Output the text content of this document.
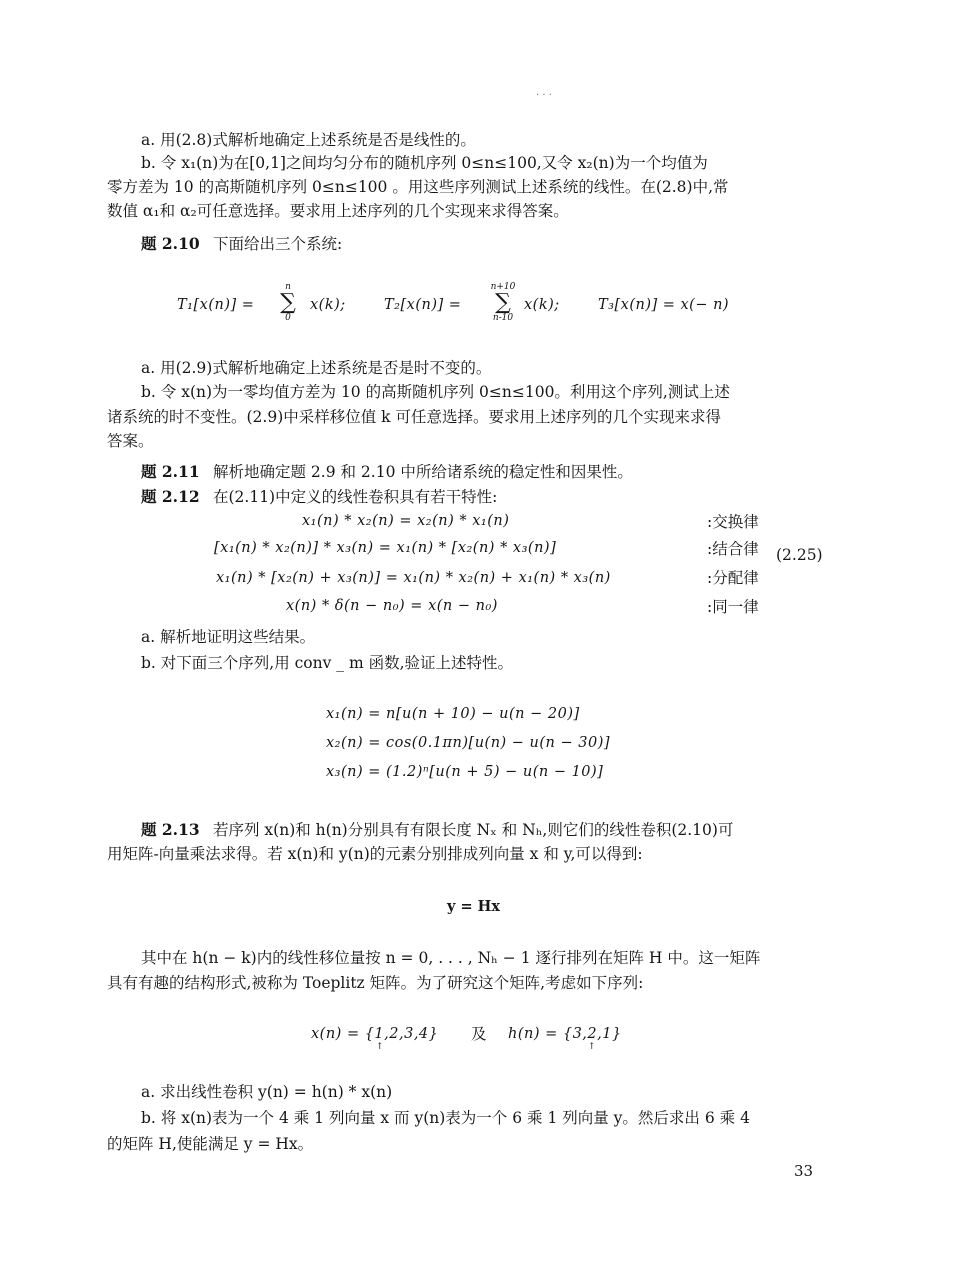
· · ·
a. 用(2.8)式解析地确定上述系统是否是线性的。
b. 令 x₁(n)为在[0,1]之间均匀分布的随机序列 0≤n≤100,又令 x₂(n)为一个均值为
零方差为 10 的高斯随机序列 0≤n≤100 。用这些序列测试上述系统的线性。在(2.8)中,常
数值 α₁和 α₂可任意选择。要求用上述序列的几个实现来求得答案。
题 2.10 下面给出三个系统:
T₁[x(n)] =
n
∑
0
x(k);	T₂[x(n)] =
n+10
∑
n-10
x(k);	T₃[x(n)] = x(− n)
a. 用(2.9)式解析地确定上述系统是否是时不变的。
b. 令 x(n)为一零均值方差为 10 的高斯随机序列 0≤n≤100。利用这个序列,测试上述
诸系统的时不变性。(2.9)中采样移位值 k 可任意选择。要求用上述序列的几个实现来求得
答案。
题 2.11 解析地确定题 2.9 和 2.10 中所给诸系统的稳定性和因果性。
题 2.12 在(2.11)中定义的线性卷积具有若干特性:
x₁(n) * x₂(n) = x₂(n) * x₁(n)	:交换律
[x₁(n) * x₂(n)] * x₃(n) = x₁(n) * [x₂(n) * x₃(n)]	:结合律
x₁(n) * [x₂(n) + x₃(n)] = x₁(n) * x₂(n) + x₁(n) * x₃(n)	:分配律
x(n) * δ(n − n₀) = x(n − n₀)	:同一律
(2.25)
a. 解析地证明这些结果。
b. 对下面三个序列,用 conv _ m 函数,验证上述特性。
x₁(n) = n[u(n + 10) − u(n − 20)]
x₂(n) = cos(0.1πn)[u(n) − u(n − 30)]
x₃(n) = (1.2)ⁿ[u(n + 5) − u(n − 10)]
题 2.13 若序列 x(n)和 h(n)分别具有有限长度 Nₓ 和 Nₕ,则它们的线性卷积(2.10)可
用矩阵-向量乘法求得。若 x(n)和 y(n)的元素分别排成列向量 x 和 y,可以得到:
y = Hx
其中在 h(n − k)内的线性移位量按 n = 0, . . . , Nₕ − 1 逐行排列在矩阵 H 中。这一矩阵
具有有趣的结构形式,被称为 Toeplitz 矩阵。为了研究这个矩阵,考虑如下序列:
x(n) = {1,2,3,4}
↑
及 h(n) = {3,2,1}
↑
a. 求出线性卷积 y(n) = h(n) * x(n)
b. 将 x(n)表为一个 4 乘 1 列向量 x 而 y(n)表为一个 6 乘 1 列向量 y。然后求出 6 乘 4
的矩阵 H,使能满足 y = Hx。
33
